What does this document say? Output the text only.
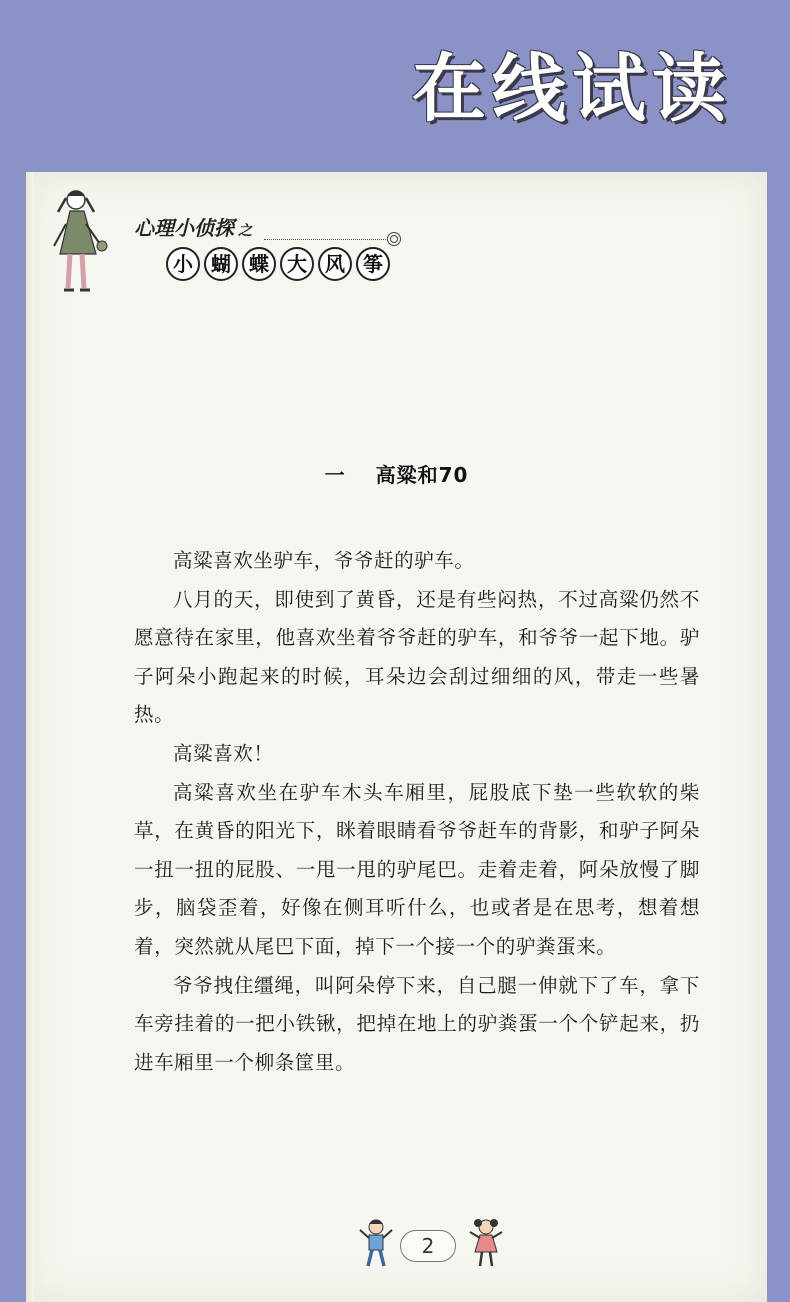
在线试读
心理小侦探 之
小 蝴 蝶 大 风 筝
一 高粱和70

高粱喜欢坐驴车，爷爷赶的驴车。

八月的天，即使到了黄昏，还是有些闷热，不过高粱仍然不愿意待在家里，他喜欢坐着爷爷赶的驴车，和爷爷一起下地。驴子阿朵小跑起来的时候，耳朵边会刮过细细的风，带走一些暑热。

高粱喜欢！

高粱喜欢坐在驴车木头车厢里，屁股底下垫一些软软的柴草，在黄昏的阳光下，眯着眼睛看爷爷赶车的背影，和驴子阿朵一扭一扭的屁股、一甩一甩的驴尾巴。走着走着，阿朵放慢了脚步，脑袋歪着，好像在侧耳听什么，也或者是在思考，想着想着，突然就从尾巴下面，掉下一个接一个的驴粪蛋来。

爷爷拽住缰绳，叫阿朵停下来，自己腿一伸就下了车，拿下车旁挂着的一把小铁锹，把掉在地上的驴粪蛋一个个铲起来，扔进车厢里一个柳条筐里。

2
